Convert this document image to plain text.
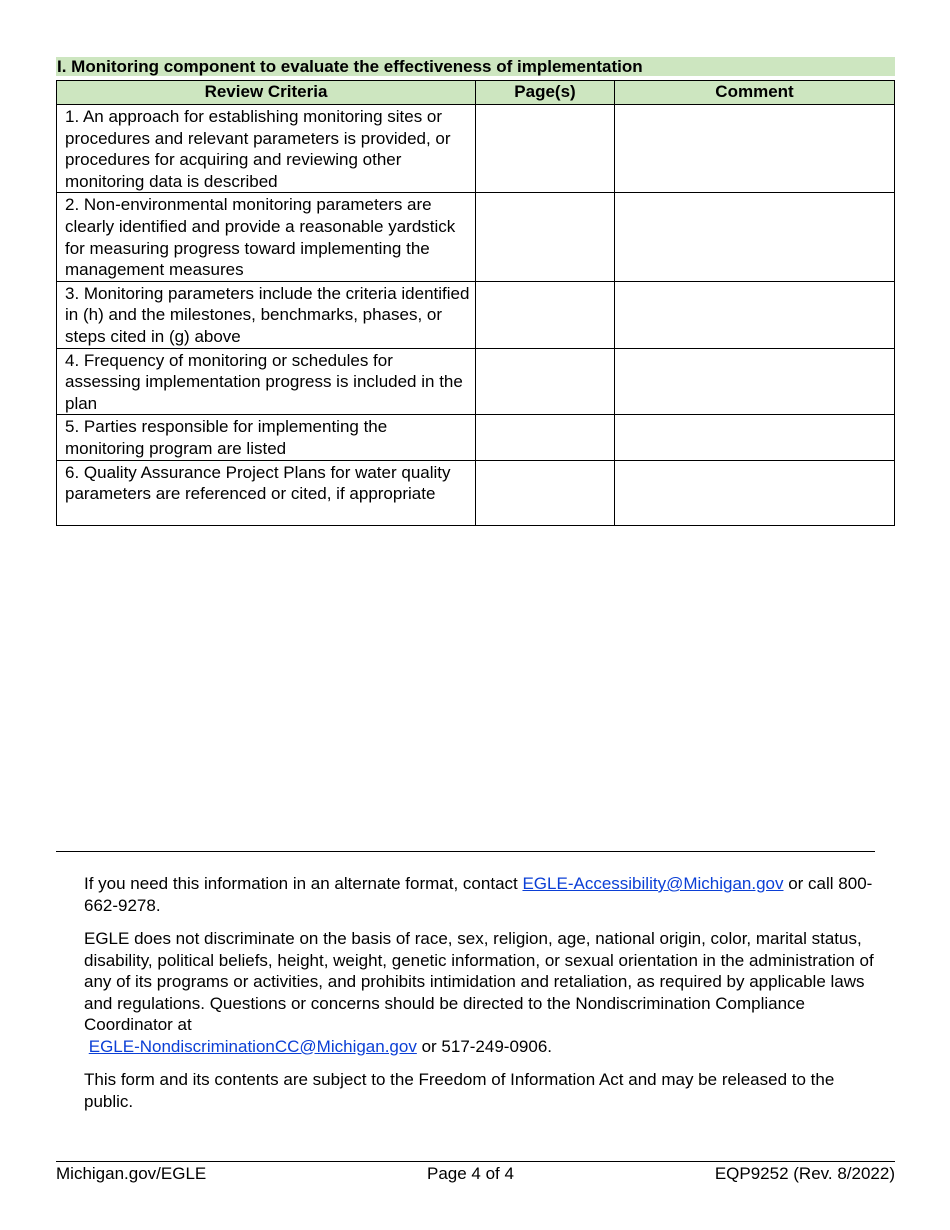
I. Monitoring component to evaluate the effectiveness of implementation
Review Criteria	Page(s)	Comment
1. An approach for establishing monitoring sites or procedures and relevant parameters is provided, or procedures for acquiring and reviewing other monitoring data is described		
2. Non-environmental monitoring parameters are clearly identified and provide a reasonable yardstick for measuring progress toward implementing the management measures		
3. Monitoring parameters include the criteria identified in (h) and the milestones, benchmarks, phases, or steps cited in (g) above		
4. Frequency of monitoring or schedules for assessing implementation progress is included in the plan		
5. Parties responsible for implementing the monitoring program are listed		
6. Quality Assurance Project Plans for water quality parameters are referenced or cited, if appropriate		

If you need this information in an alternate format, contact EGLE-Accessibility@Michigan.gov or call 800-662-9278.

EGLE does not discriminate on the basis of race, sex, religion, age, national origin, color, marital status, disability, political beliefs, height, weight, genetic information, or sexual orientation in the administration of any of its programs or activities, and prohibits intimidation and retaliation, as required by applicable laws and regulations. Questions or concerns should be directed to the Nondiscrimination Compliance Coordinator at
EGLE-NondiscriminationCC@Michigan.gov or 517-249-0906.

This form and its contents are subject to the Freedom of Information Act and may be released to the public.

Michigan.gov/EGLE	Page 4 of 4	EQP9252 (Rev. 8/2022)
